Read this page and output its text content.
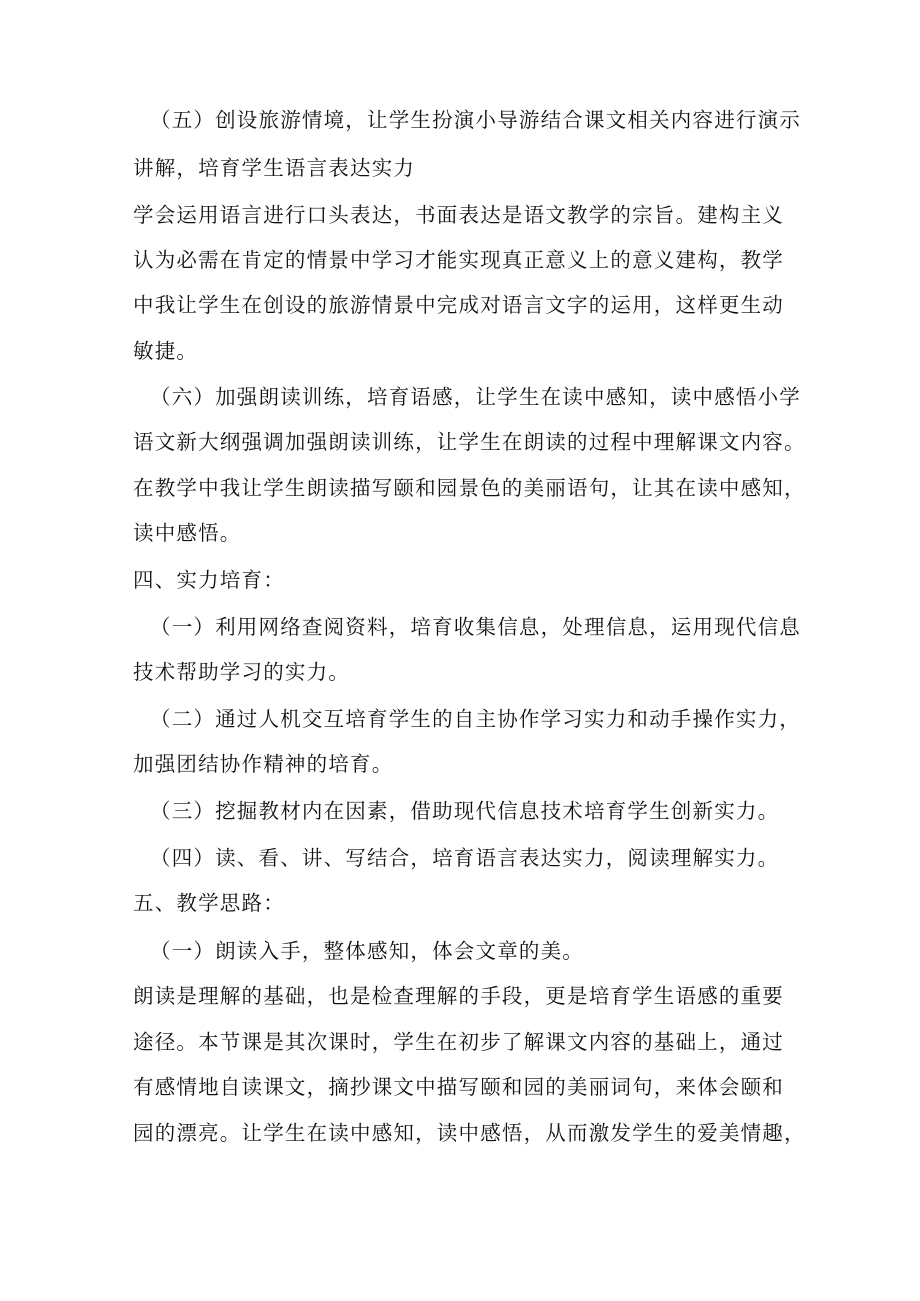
（五）创设旅游情境，让学生扮演小导游结合课文相关内容进行演示
讲解，培育学生语言表达实力
学会运用语言进行口头表达，书面表达是语文教学的宗旨。建构主义
认为必需在肯定的情景中学习才能实现真正意义上的意义建构，教学
中我让学生在创设的旅游情景中完成对语言文字的运用，这样更生动
敏捷。
（六）加强朗读训练，培育语感，让学生在读中感知，读中感悟小学
语文新大纲强调加强朗读训练，让学生在朗读的过程中理解课文内容。
在教学中我让学生朗读描写颐和园景色的美丽语句，让其在读中感知，
读中感悟。
四、实力培育：
（一）利用网络查阅资料，培育收集信息，处理信息，运用现代信息
技术帮助学习的实力。
（二）通过人机交互培育学生的自主协作学习实力和动手操作实力，
加强团结协作精神的培育。
（三）挖掘教材内在因素，借助现代信息技术培育学生创新实力。
（四）读、看、讲、写结合，培育语言表达实力，阅读理解实力。
五、教学思路：
（一）朗读入手，整体感知，体会文章的美。
朗读是理解的基础，也是检查理解的手段，更是培育学生语感的重要
途径。本节课是其次课时，学生在初步了解课文内容的基础上，通过
有感情地自读课文，摘抄课文中描写颐和园的美丽词句，来体会颐和
园的漂亮。让学生在读中感知，读中感悟，从而激发学生的爱美情趣，
